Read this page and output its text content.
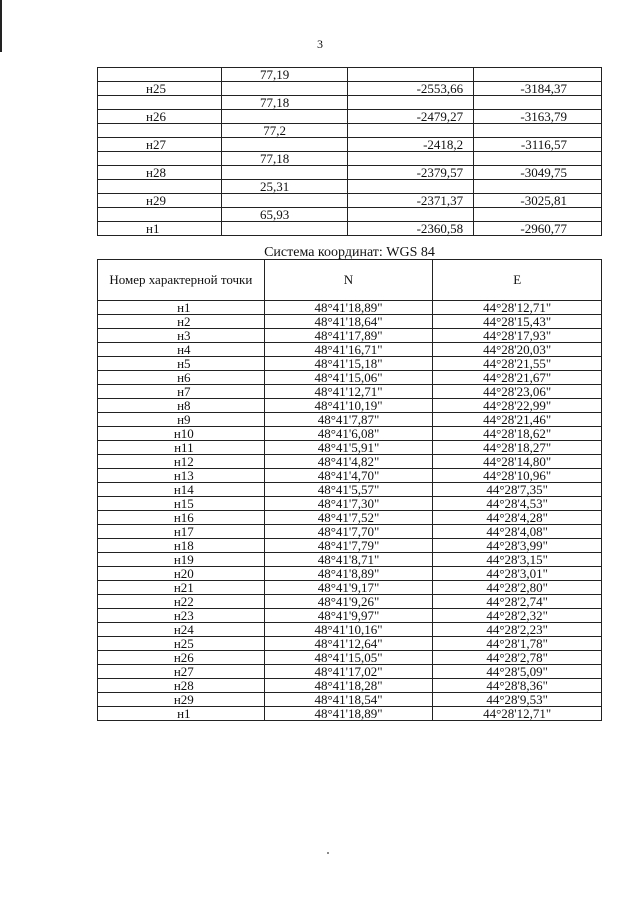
3
	77,19		
н25		-2553,66	-3184,37
	77,18		
н26		-2479,27	-3163,79
	77,2		
н27		-2418,2	-3116,57
	77,18		
н28		-2379,57	-3049,75
	25,31		
н29		-2371,37	-3025,81
	65,93		
н1		-2360,58	-2960,77
Система координат: WGS 84
Номер характерной точки	N	E
н1	48°41'18,89"	44°28'12,71"
н2	48°41'18,64"	44°28'15,43"
н3	48°41'17,89"	44°28'17,93"
н4	48°41'16,71"	44°28'20,03"
н5	48°41'15,18"	44°28'21,55"
н6	48°41'15,06"	44°28'21,67"
н7	48°41'12,71"	44°28'23,06"
н8	48°41'10,19"	44°28'22,99"
н9	48°41'7,87"	44°28'21,46"
н10	48°41'6,08"	44°28'18,62"
н11	48°41'5,91"	44°28'18,27"
н12	48°41'4,82"	44°28'14,80"
н13	48°41'4,70"	44°28'10,96"
н14	48°41'5,57"	44°28'7,35"
н15	48°41'7,30"	44°28'4,53"
н16	48°41'7,52"	44°28'4,28"
н17	48°41'7,70"	44°28'4,08"
н18	48°41'7,79"	44°28'3,99"
н19	48°41'8,71"	44°28'3,15"
н20	48°41'8,89"	44°28'3,01"
н21	48°41'9,17"	44°28'2,80"
н22	48°41'9,26"	44°28'2,74"
н23	48°41'9,97"	44°28'2,32"
н24	48°41'10,16"	44°28'2,23"
н25	48°41'12,64"	44°28'1,78"
н26	48°41'15,05"	44°28'2,78"
н27	48°41'17,02"	44°28'5,09"
н28	48°41'18,28"	44°28'8,36"
н29	48°41'18,54"	44°28'9,53"
н1	48°41'18,89"	44°28'12,71"
